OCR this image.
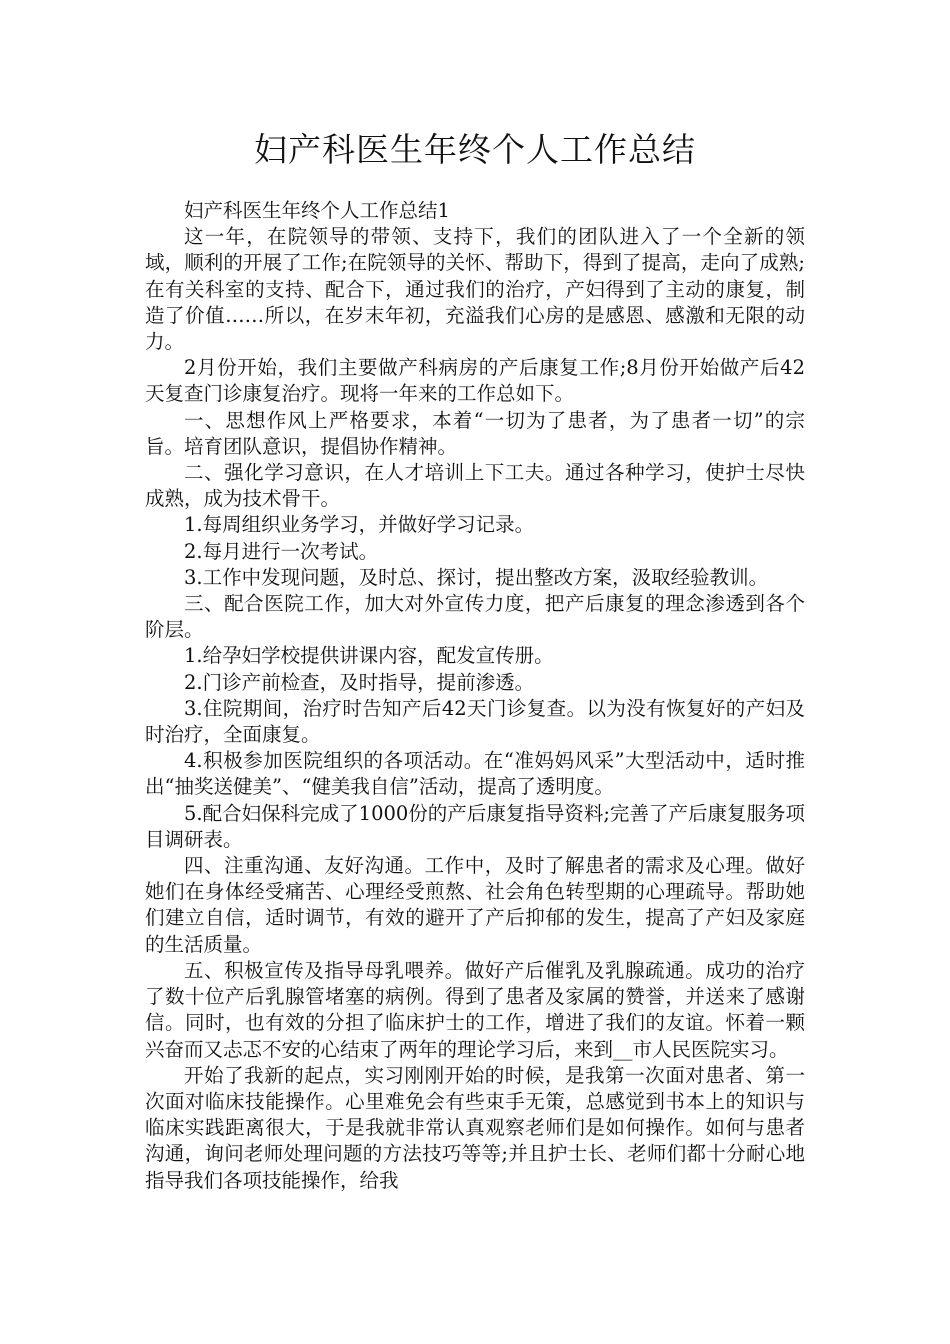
妇产科医生年终个人工作总结

妇产科医生年终个人工作总结1

这一年，在院领导的带领、支持下，我们的团队进入了一个全新的领域，顺利的开展了工作;在院领导的关怀、帮助下，得到了提高，走向了成熟;在有关科室的支持、配合下，通过我们的治疗，产妇得到了主动的康复，制造了价值……所以，在岁末年初，充溢我们心房的是感恩、感激和无限的动力。

2月份开始，我们主要做产科病房的产后康复工作;8月份开始做产后42天复查门诊康复治疗。现将一年来的工作总如下。

一、思想作风上严格要求，本着“一切为了患者，为了患者一切”的宗旨。培育团队意识，提倡协作精神。

二、强化学习意识，在人才培训上下工夫。通过各种学习，使护士尽快成熟，成为技术骨干。

1.每周组织业务学习，并做好学习记录。

2.每月进行一次考试。

3.工作中发现问题，及时总、探讨，提出整改方案，汲取经验教训。

三、配合医院工作，加大对外宣传力度，把产后康复的理念渗透到各个阶层。

1.给孕妇学校提供讲课内容，配发宣传册。

2.门诊产前检查，及时指导，提前渗透。

3.住院期间，治疗时告知产后42天门诊复查。以为没有恢复好的产妇及时治疗，全面康复。

4.积极参加医院组织的各项活动。在“准妈妈风采”大型活动中，适时推出“抽奖送健美”、“健美我自信”活动，提高了透明度。

5.配合妇保科完成了1000份的产后康复指导资料;完善了产后康复服务项目调研表。

四、注重沟通、友好沟通。工作中，及时了解患者的需求及心理。做好她们在身体经受痛苦、心理经受煎熬、社会角色转型期的心理疏导。帮助她们建立自信，适时调节，有效的避开了产后抑郁的发生，提高了产妇及家庭的生活质量。

五、积极宣传及指导母乳喂养。做好产后催乳及乳腺疏通。成功的治疗了数十位产后乳腺管堵塞的病例。得到了患者及家属的赞誉，并送来了感谢信。同时，也有效的分担了临床护士的工作，增进了我们的友谊。怀着一颗兴奋而又忐忑不安的心结束了两年的理论学习后，来到__市人民医院实习。

开始了我新的起点，实习刚刚开始的时候，是我第一次面对患者、第一次面对临床技能操作。心里难免会有些束手无策，总感觉到书本上的知识与临床实践距离很大，于是我就非常认真观察老师们是如何操作。如何与患者沟通，询问老师处理问题的方法技巧等等;并且护士长、老师们都十分耐心地指导我们各项技能操作，给我
